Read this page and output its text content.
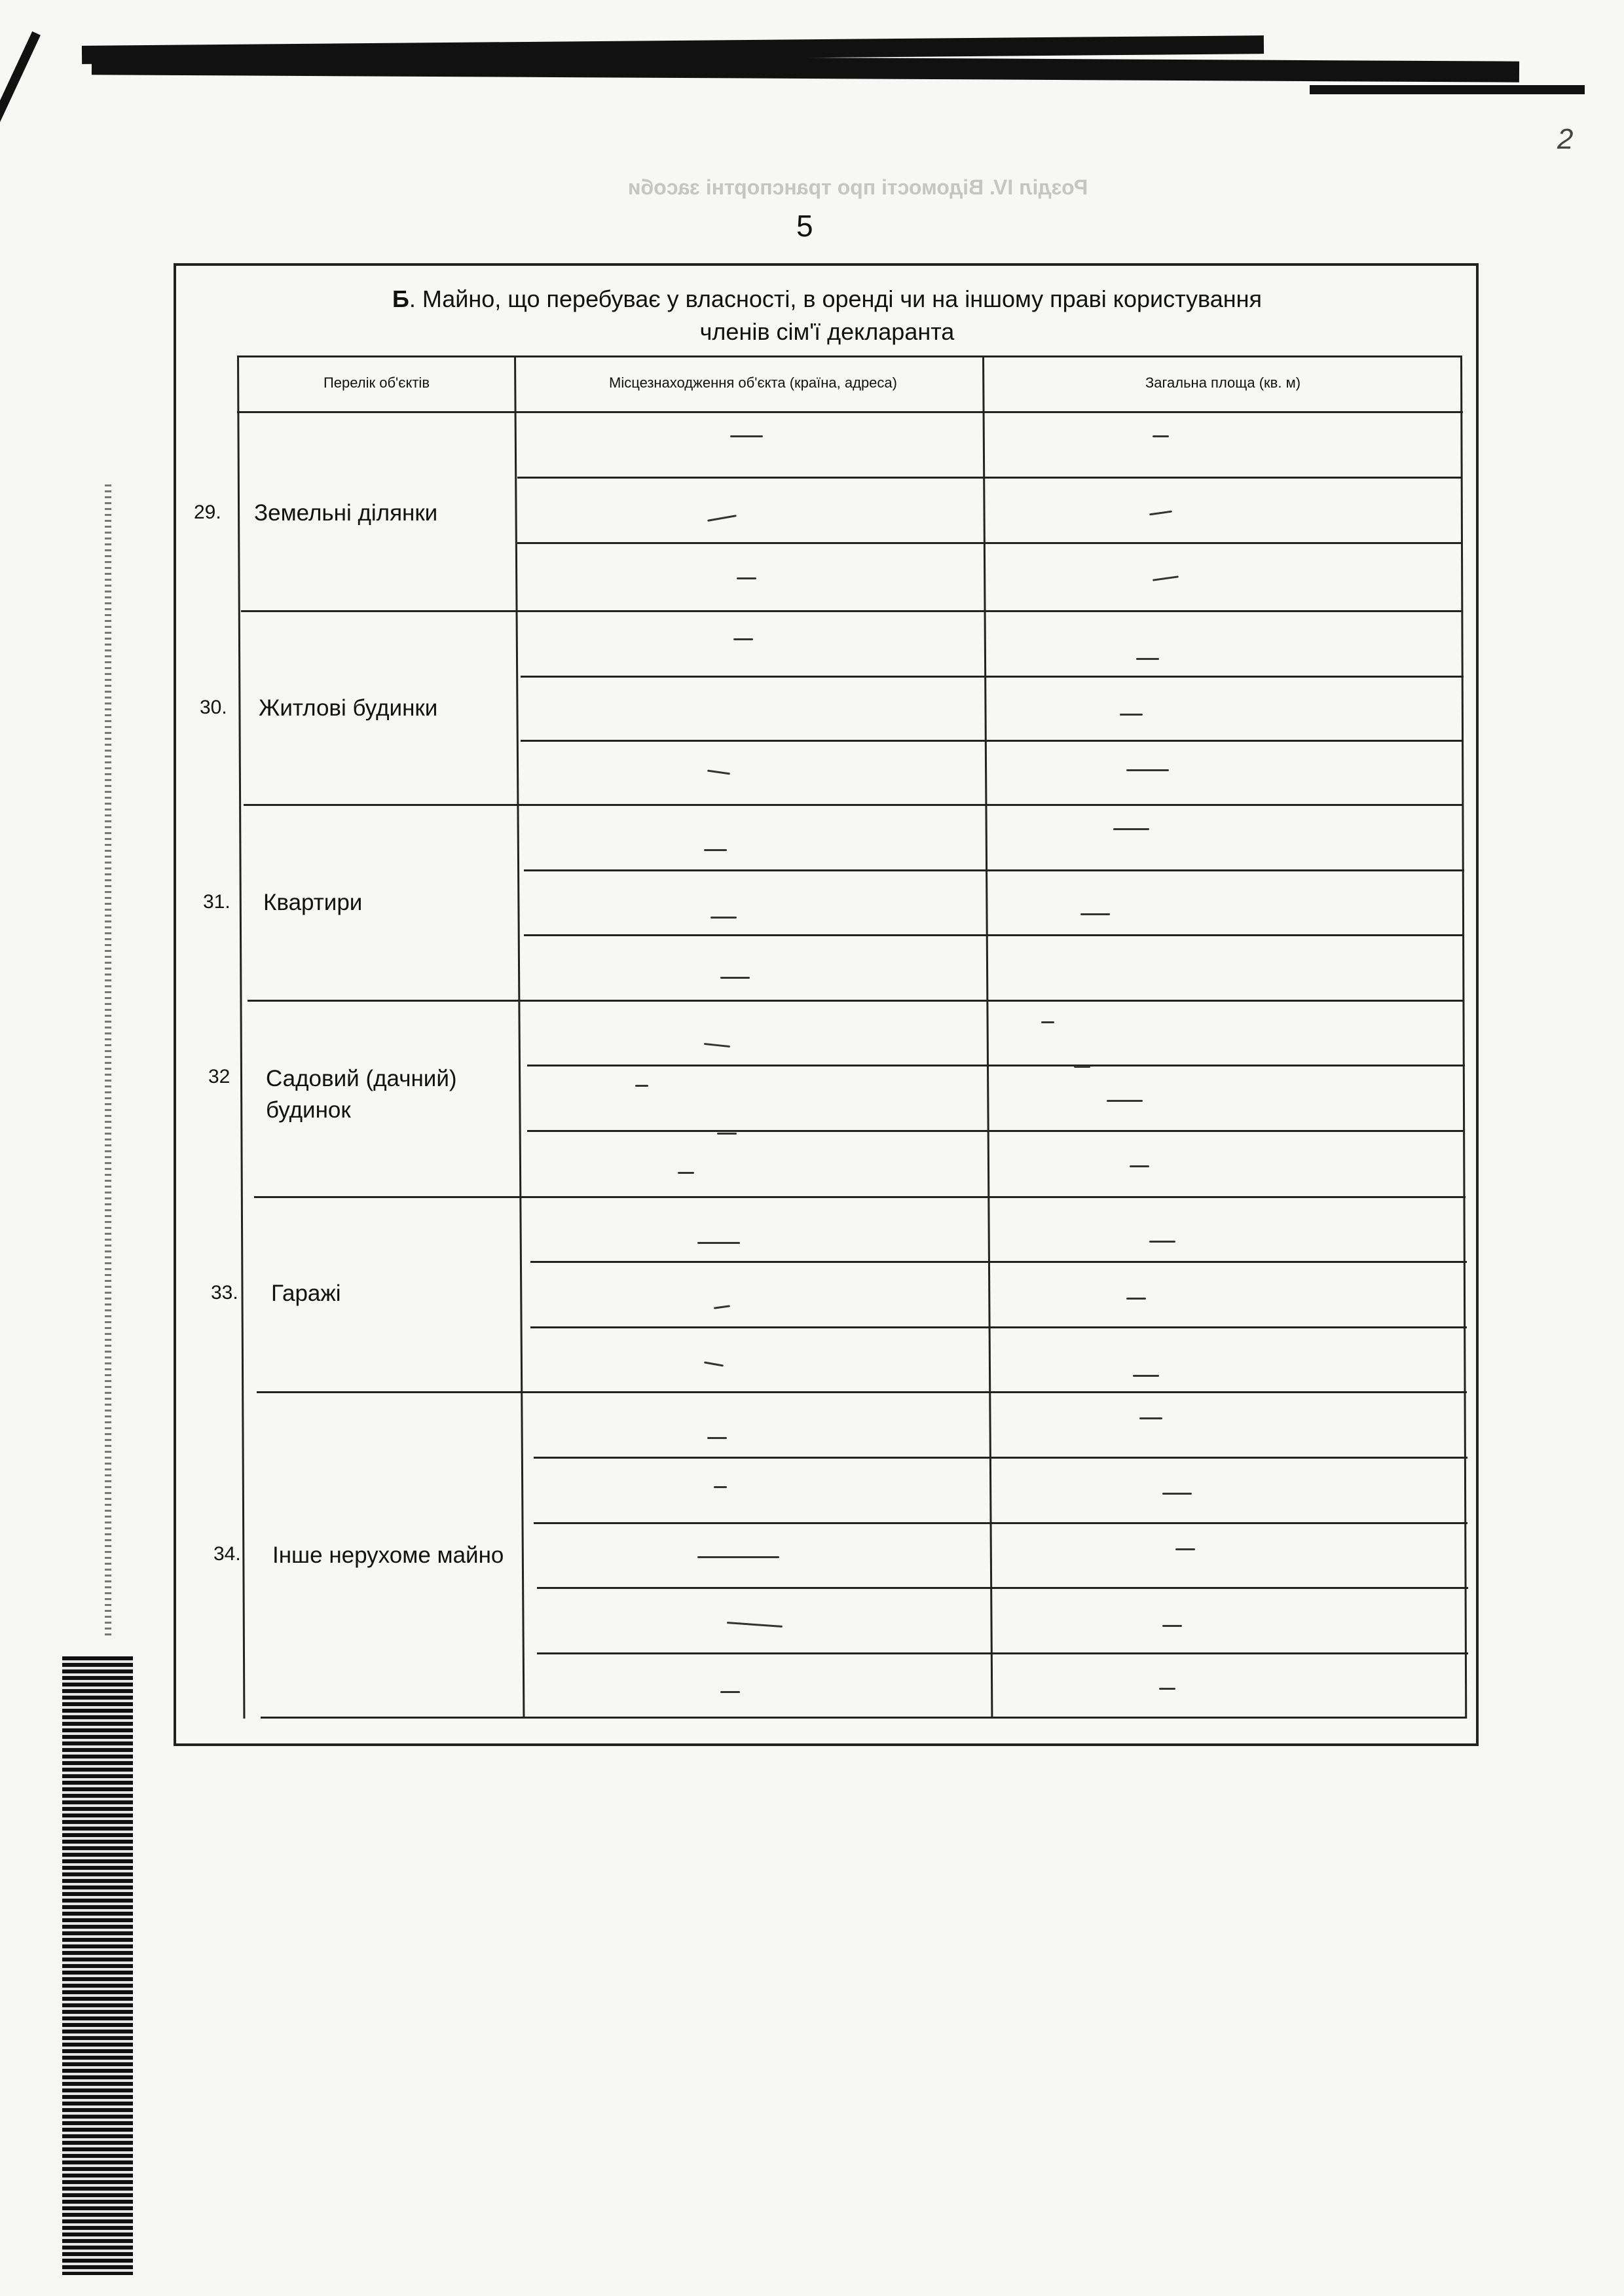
2
Розділ IV. Відомості про транспортні засоби
5
Б. Майно, що перебуває у власності, в оренді чи на іншому праві користування
членів сім'ї декларанта
Перелік об'єктів	Місцезнаходження об'єкта (країна, адреса)	Загальна площа (кв. м)
29. Земельні ділянки
30. Житлові будинки
31. Квартири
32 Садовий (дачний) будинок
33. Гаражі
34. Інше нерухоме майно
